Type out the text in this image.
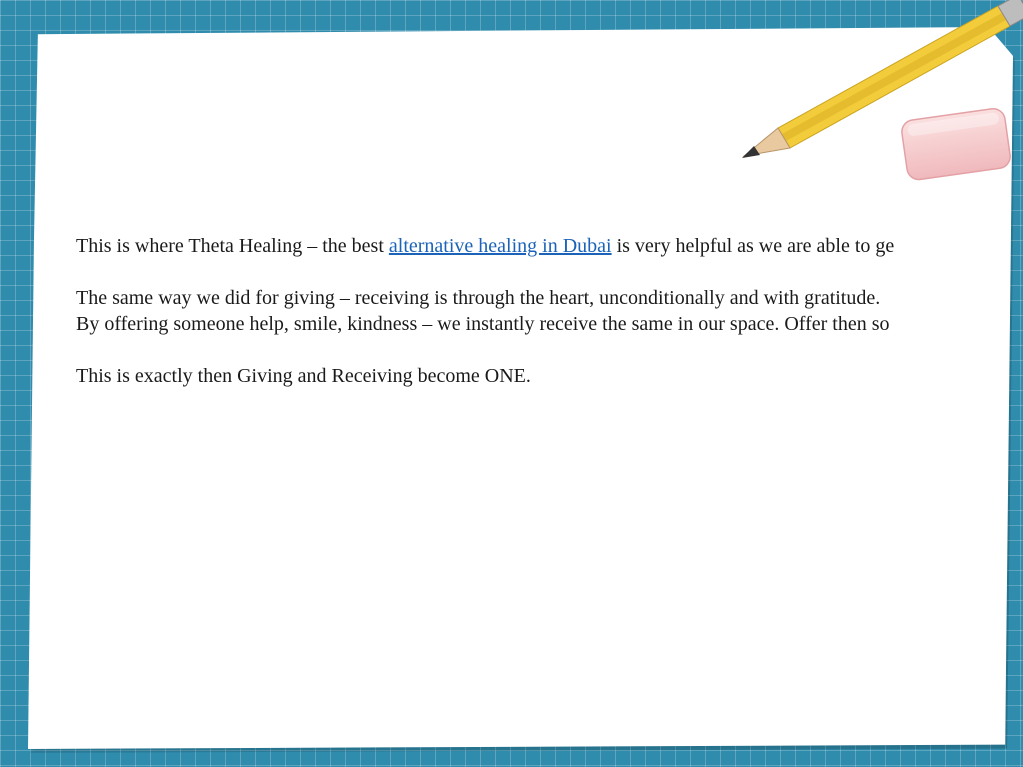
This is where Theta Healing – the best alternative healing in Dubai is very helpful as we are able to ge

The same way we did for giving – receiving is through the heart, unconditionally and with gratitude.

By offering someone help, smile, kindness – we instantly receive the same in our space. Offer then so

This is exactly then Giving and Receiving become ONE.
